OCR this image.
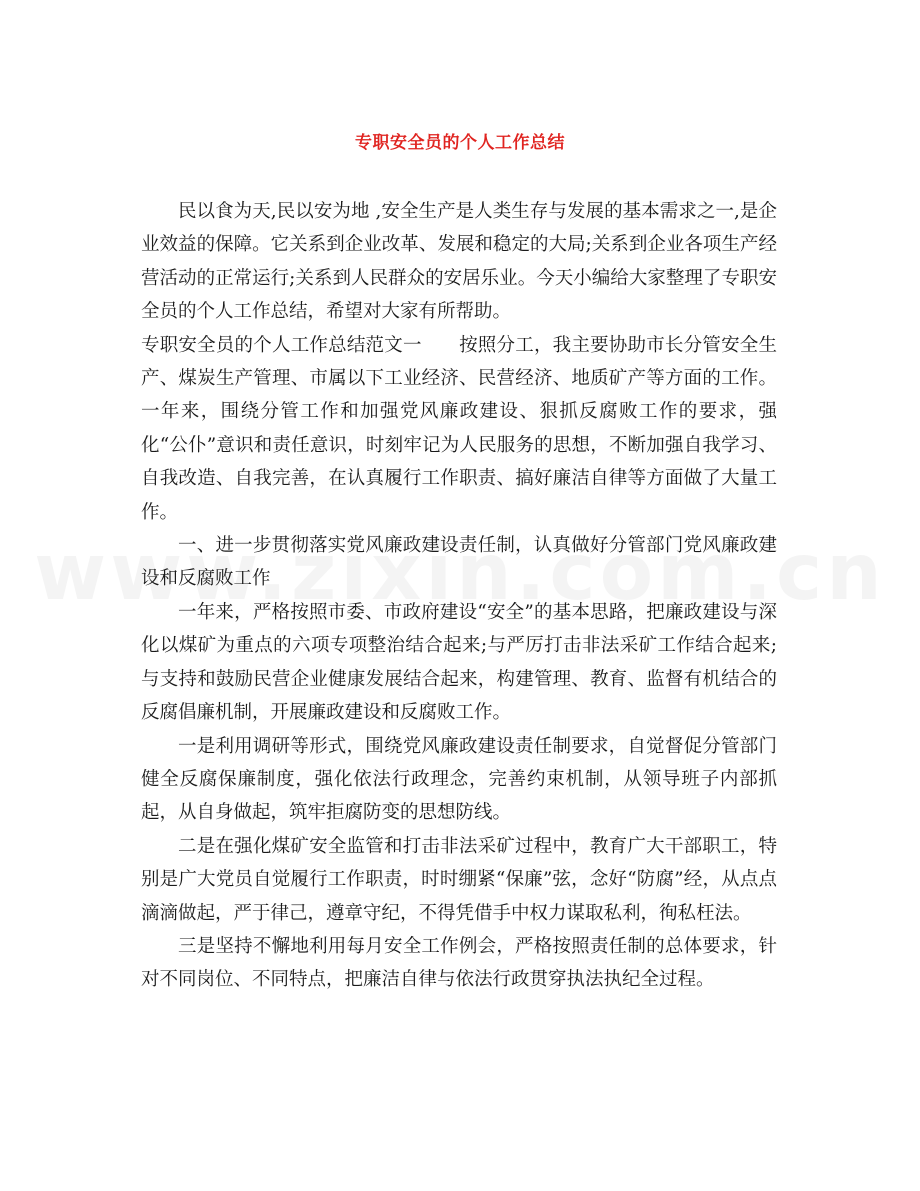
专职安全员的个人工作总结

民以食为天,民以安为地 ,安全生产是人类生存与发展的基本需求之一,是企业效益的保障。它关系到企业改革、发展和稳定的大局;关系到企业各项生产经营活动的正常运行;关系到人民群众的安居乐业。今天小编给大家整理了专职安全员的个人工作总结，希望对大家有所帮助。

专职安全员的个人工作总结范文一　　按照分工，我主要协助市长分管安全生产、煤炭生产管理、市属以下工业经济、民营经济、地质矿产等方面的工作。一年来，围绕分管工作和加强党风廉政建设、狠抓反腐败工作的要求，强化“公仆”意识和责任意识，时刻牢记为人民服务的思想，不断加强自我学习、自我改造、自我完善，在认真履行工作职责、搞好廉洁自律等方面做了大量工作。

一、进一步贯彻落实党风廉政建设责任制，认真做好分管部门党风廉政建设和反腐败工作

一年来，严格按照市委、市政府建设“安全”的基本思路，把廉政建设与深化以煤矿为重点的六项专项整治结合起来;与严厉打击非法采矿工作结合起来;与支持和鼓励民营企业健康发展结合起来，构建管理、教育、监督有机结合的反腐倡廉机制，开展廉政建设和反腐败工作。

一是利用调研等形式，围绕党风廉政建设责任制要求，自觉督促分管部门健全反腐保廉制度，强化依法行政理念，完善约束机制，从领导班子内部抓起，从自身做起，筑牢拒腐防变的思想防线。

二是在强化煤矿安全监管和打击非法采矿过程中，教育广大干部职工，特别是广大党员自觉履行工作职责，时时绷紧“保廉”弦，念好“防腐”经，从点点滴滴做起，严于律己，遵章守纪，不得凭借手中权力谋取私利，徇私枉法。

三是坚持不懈地利用每月安全工作例会，严格按照责任制的总体要求，针对不同岗位、不同特点，把廉洁自律与依法行政贯穿执法执纪全过程。
